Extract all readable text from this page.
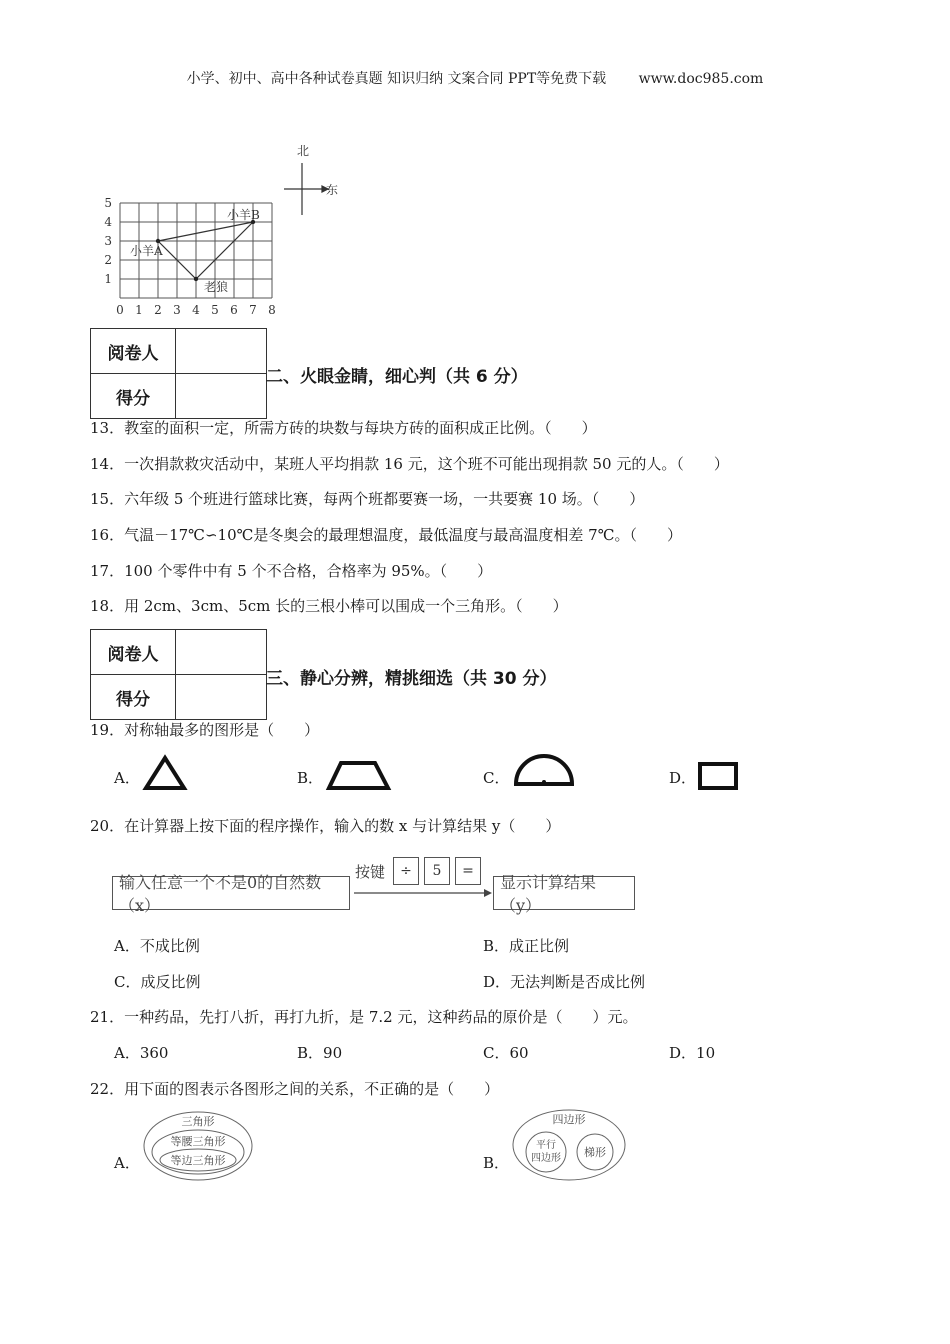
小学、初中、高中各种试卷真题 知识归纳 文案合同 PPT等免费下载 www.doc985.com
0 1 2 3 4 5 6 7 8
1
2
3
4
5
小羊A
小羊B
老狼
北
东
阅卷人	
得分	
二、火眼金睛，细心判（共 6 分）
13．教室的面积一定，所需方砖的块数与每块方砖的面积成正比例。（　　）
14．一次捐款救灾活动中，某班人平均捐款 16 元，这个班不可能出现捐款 50 元的人。（　　）
15．六年级 5 个班进行篮球比赛，每两个班都要赛一场，一共要赛 10 场。（　　）
16．气温－17℃∽10℃是冬奥会的最理想温度，最低温度与最高温度相差 7℃。（　　）
17．100 个零件中有 5 个不合格，合格率为 95%。（　　）
18．用 2cm、3cm、5cm 长的三根小棒可以围成一个三角形。（　　）
阅卷人	
得分	
三、静心分辨，精挑细选（共 30 分）
19．对称轴最多的图形是（　　）
A．	B．	C．	D．
20．在计算器上按下面的程序操作，输入的数 x 与计算结果 y（　　）
输入任意一个不是0的自然数（x）
按键	÷	5	=
显示计算结果（y）
A．不成比例	B．成正比例
C．成反比例	D．无法判断是否成比例
21．一种药品，先打八折，再打九折，是 7.2 元，这种药品的原价是（　　）元。
A．360	B．90	C．60	D．10
22．用下面的图表示各图形之间的关系，不正确的是（　　）
A．
三角形
等腰三角形
等边三角形	B．
四边形
平行
四边形 梯形
